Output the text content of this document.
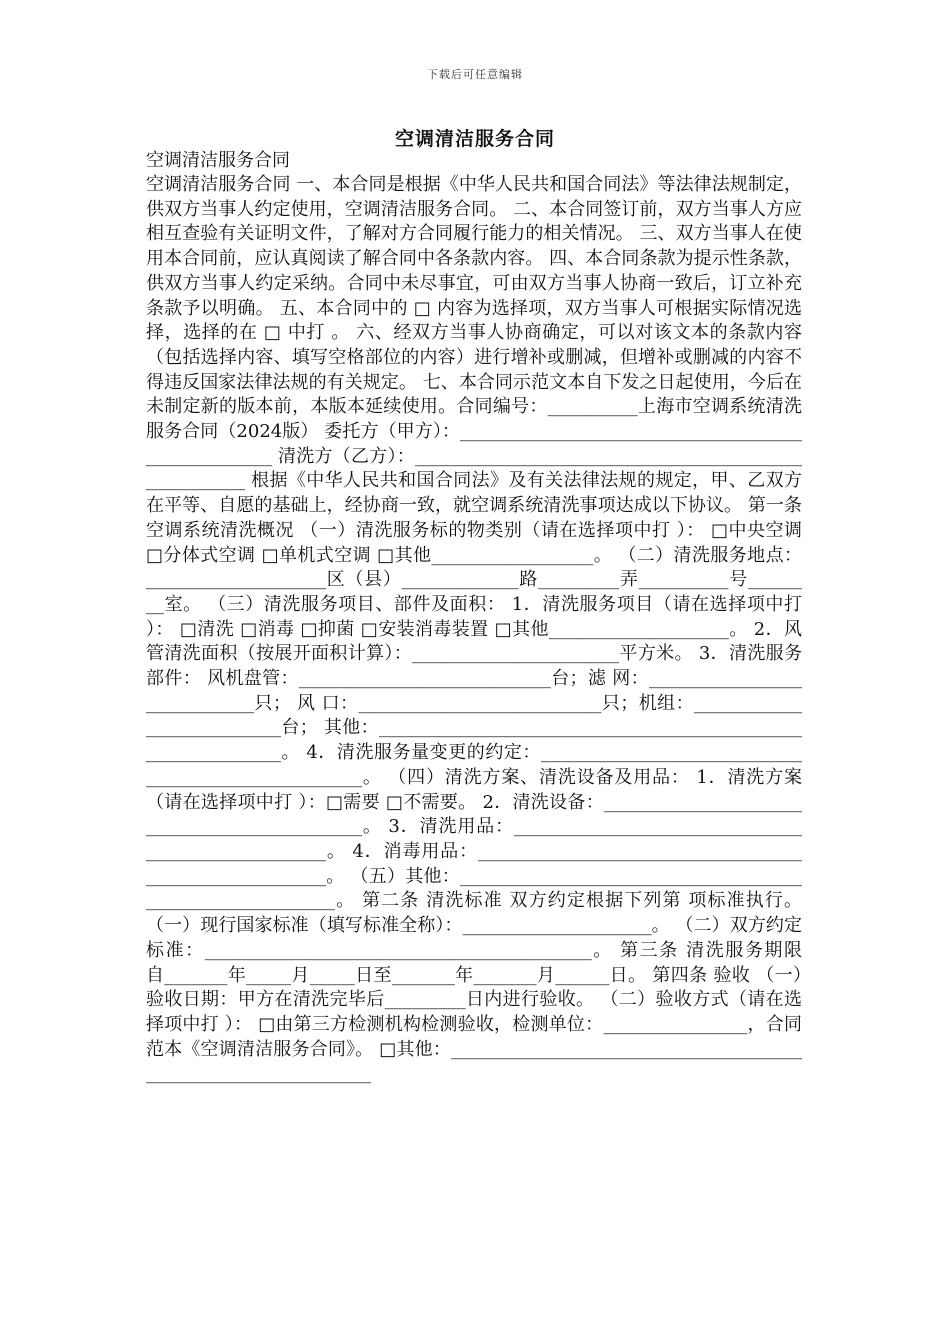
下载后可任意编辑
空调清洁服务合同
空调清洁服务合同

空调清洁服务合同 一、本合同是根据《中华人民共和国合同法》等法律法规制定，供双方当事人约定使用，空调清洁服务合同。 二、本合同签订前，双方当事人方应相互查验有关证明文件，了解对方合同履行能力的相关情况。 三、双方当事人在使用本合同前，应认真阅读了解合同中各条款内容。 四、本合同条款为提示性条款，供双方当事人约定采纳。合同中未尽事宜，可由双方当事人协商一致后，订立补充条款予以明确。 五、本合同中的 □ 内容为选择项，双方当事人可根据实际情况选择，选择的在 □ 中打 。 六、经双方当事人协商确定，可以对该文本的条款内容（包括选择内容、填写空格部位的内容）进行增补或删减，但增补或删减的内容不得违反国家法律法规的有关规定。 七、本合同示范文本自下发之日起使用，今后在未制定新的版本前，本版本延续使用。合同编号：__________上海市空调系统清洗服务合同（2024版） 委托方（甲方）：____________________________________________________ 清洗方（乙方）：______________________________________________________ 根据《中华人民共和国合同法》及有关法律法规的规定，甲、乙双方在平等、自愿的基础上，经协商一致，就空调系统清洗事项达成以下协议。 第一条 空调系统清洗概况 （一）清洗服务标的物类别（请在选择项中打 ）： □中央空调 □分体式空调 □单机式空调 □其他__________________。 （二）清洗服务地点： ____________________区（县）_____________路_________弄__________号________室。 （三）清洗服务项目、部件及面积： 1．清洗服务项目（请在选择项中打 ）： □清洗 □消毒 □抑菌 □安装消毒装置 □其他____________________。 2．风管清洗面积（按展开面积计算）：_______________________平方米。 3．清洗服务部件： 风机盘管：____________________________台；滤 网：_____________________________只； 风 口：___________________________只；机组：___________________________台； 其他：______________________________________________________________。 4．清洗服务量变更的约定：_____________________________________________________。 （四）清洗方案、清洗设备及用品： 1．清洗方案（请在选择项中打 ）：□需要 □不需要。 2．清洗设备：______________________________________________。 3．清洗用品：____________________________________________________。 4．消毒用品：________________________________________________________。 （五）其他：___________________________________________________________。 第二条 清洗标准 双方约定根据下列第 项标准执行。 （一）现行国家标准（填写标准全称）：_____________________。 （二）双方约定标准：___________________________________________。 第三条 清洗服务期限 自_______年_____月_____日至_______年_______月______日。 第四条 验收 （一）验收日期：甲方在清洗完毕后_________日内进行验收。 （二）验收方式（请在选择项中打 ）： □由第三方检测机构检测验收，检测单位：________________，合同范本《空调清洁服务合同》。 □其他：________________________________________________________________
